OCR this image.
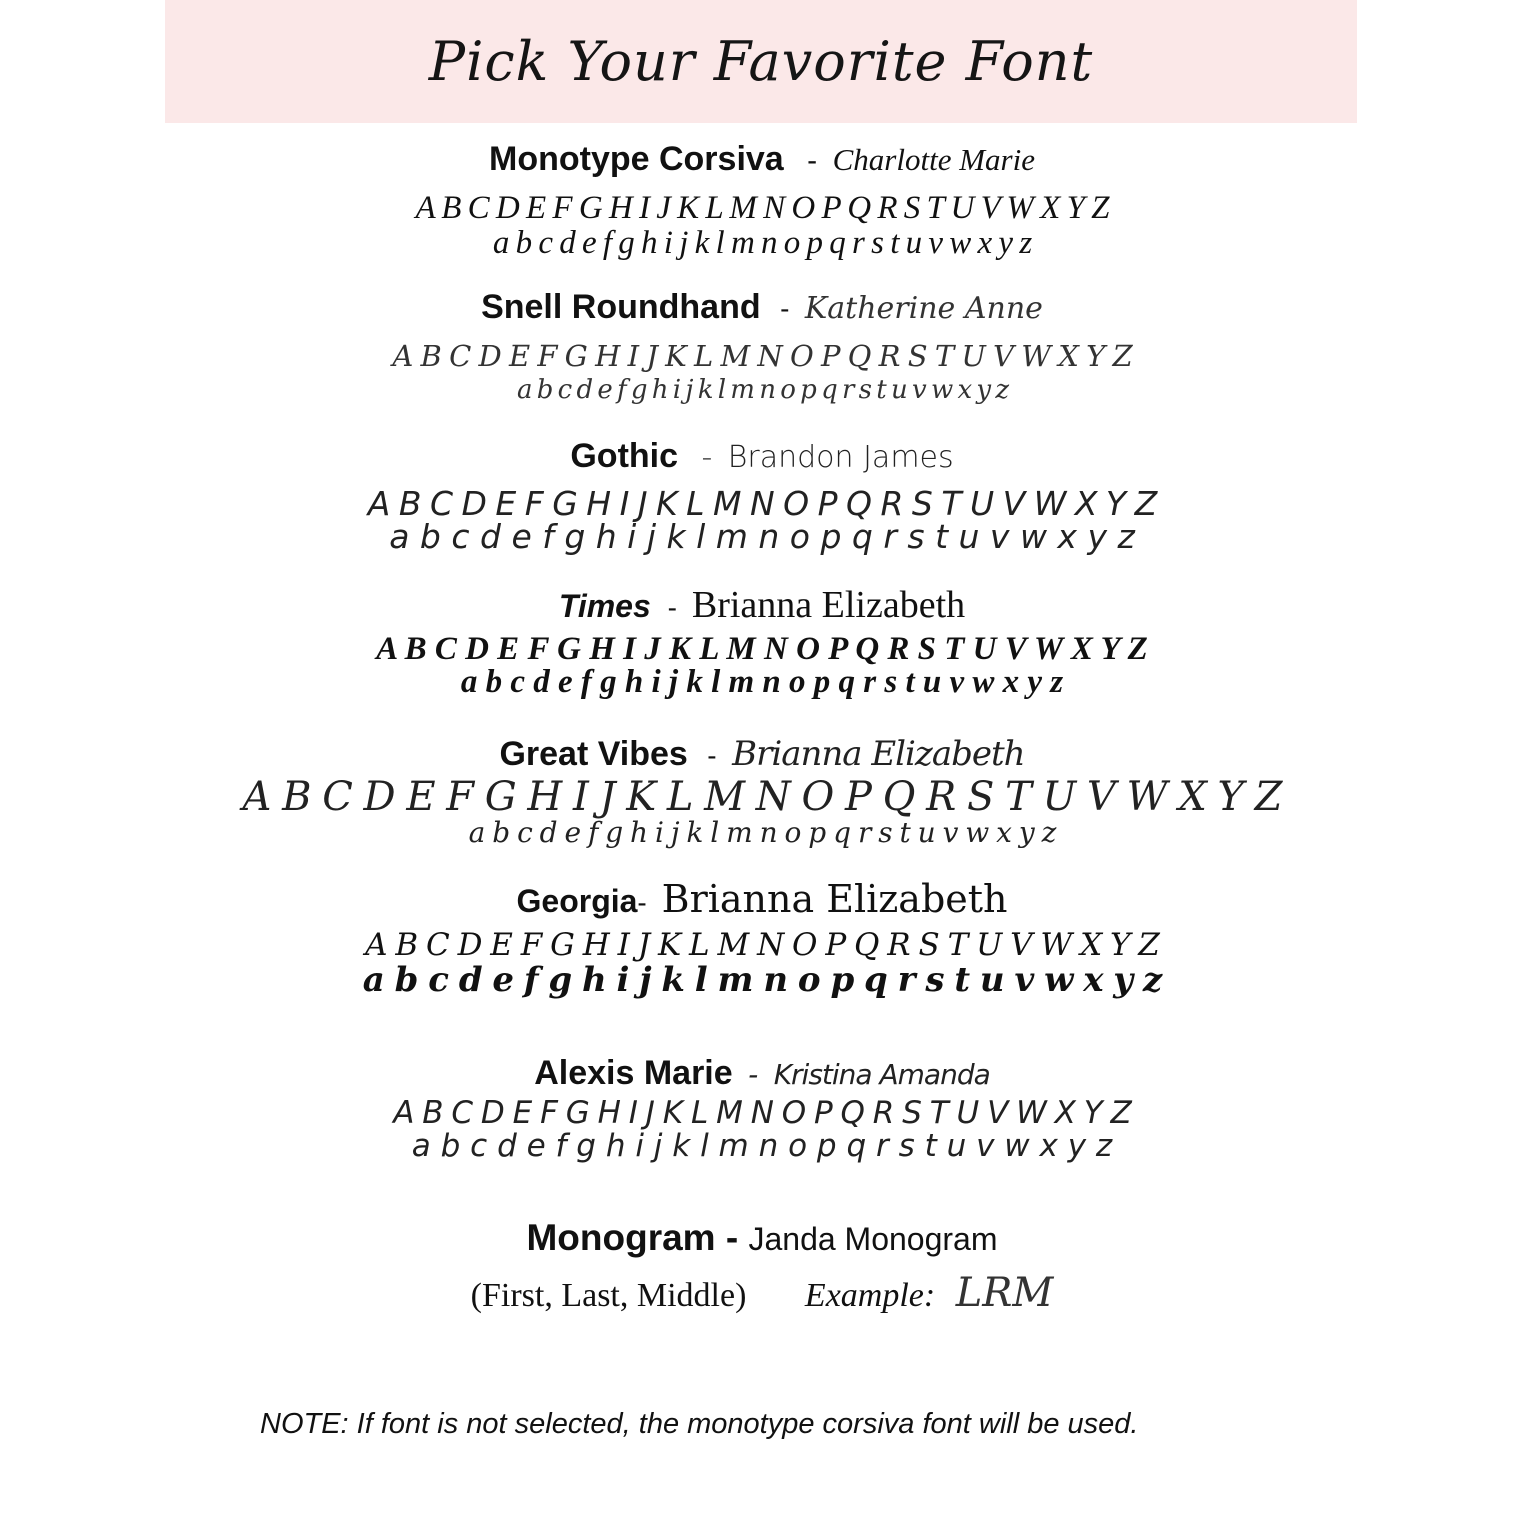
Pick Your Favorite Font
Monotype Corsiva - Charlotte Marie
A B C D E F G H I J K L M N O P Q R S T U V W X Y Z
a b c d e f g h i j k l m n o p q r s t u v w x y z
Snell Roundhand - Katherine Anne
A B C D E F G H I J K L M N O P Q R S T U V W X Y Z
a b c d e f g h i j k l m n o p q r s t u v w x y z
Gothic - Brandon James
A B C D E F G H I J K L M N O P Q R S T U V W X Y Z
a b c d e f g h i j k l m n o p q r s t u v w x y z
Times - Brianna Elizabeth
A B C D E F G H I J K L M N O P Q R S T U V W X Y Z
a b c d e f g h i j k l m n o p q r s t u v w x y z
Great Vibes - Brianna Elizabeth
A B C D E F G H I J K L M N O P Q R S T U V W X Y Z
a b c d e f g h i j k l m n o p q r s t u v w x y z
Georgia- Brianna Elizabeth
A B C D E F G H I J K L M N O P Q R S T U V W X Y Z
a b c d e f g h i j k l m n o p q r s t u v w x y z
Alexis Marie - Kristina Amanda
A B C D E F G H I J K L M N O P Q R S T U V W X Y Z
a b c d e f g h i j k l m n o p q r s t u v w x y z
Monogram - Janda Monogram
(First, Last, Middle) Example: LRM
NOTE: If font is not selected, the monotype corsiva font will be used.
